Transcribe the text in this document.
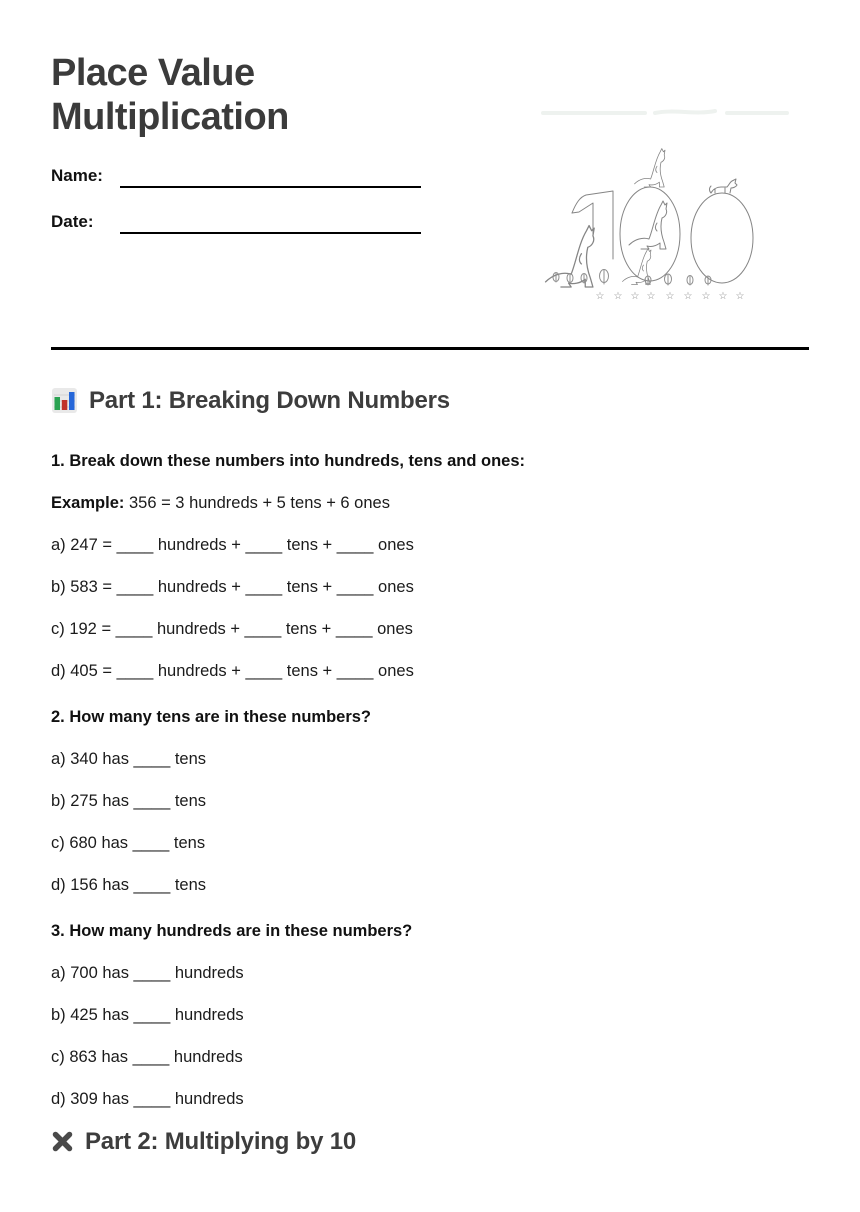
Place Value Multiplication
Name:
Date:
☆ ☆ ☆ ☆ ☆ ☆ ☆ ☆ ☆
Part 1: Breaking Down Numbers

1. Break down these numbers into hundreds, tens and ones:

Example: 356 = 3 hundreds + 5 tens + 6 ones

a) 247 = ____ hundreds + ____ tens + ____ ones

b) 583 = ____ hundreds + ____ tens + ____ ones

c) 192 = ____ hundreds + ____ tens + ____ ones

d) 405 = ____ hundreds + ____ tens + ____ ones

2. How many tens are in these numbers?

a) 340 has ____ tens

b) 275 has ____ tens

c) 680 has ____ tens

d) 156 has ____ tens

3. How many hundreds are in these numbers?

a) 700 has ____ hundreds

b) 425 has ____ hundreds

c) 863 has ____ hundreds

d) 309 has ____ hundreds

Part 2: Multiplying by 10
